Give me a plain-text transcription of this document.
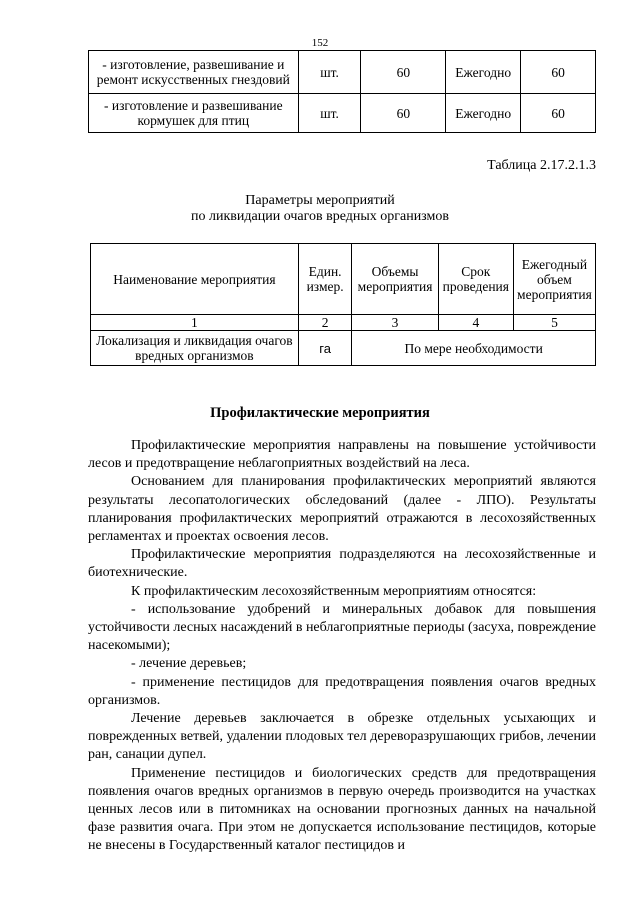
152
- изготовление, развешивание и ремонт искусственных гнездовий	шт.	60	Ежегодно	60
- изготовление и развешивание кормушек для птиц	шт.	60	Ежегодно	60
Таблица 2.17.2.1.3
Параметры мероприятий
по ликвидации очагов вредных организмов
Наименование мероприятия	Един. измер.	Объемы мероприятия	Срок проведения	Ежегодный объем мероприятия
1	2	3	4	5
Локализация и ликвидация очагов вредных организмов	га	По мере необходимости		
Профилактические мероприятия

Профилактические мероприятия направлены на повышение устойчивости лесов и предотвращение неблагоприятных воздействий на леса.

Основанием для планирования профилактических мероприятий являются результаты лесопатологических обследований (далее - ЛПО). Результаты планирования профилактических мероприятий отражаются в лесохозяйственных регламентах и проектах освоения лесов.

Профилактические мероприятия подразделяются на лесохозяйственные и биотехнические.

К профилактическим лесохозяйственным мероприятиям относятся:

- использование удобрений и минеральных добавок для повышения устойчивости лесных насаждений в неблагоприятные периоды (засуха, повреждение насекомыми);

- лечение деревьев;

- применение пестицидов для предотвращения появления очагов вредных организмов.

Лечение деревьев заключается в обрезке отдельных усыхающих и поврежденных ветвей, удалении плодовых тел дереворазрушающих грибов, лечении ран, санации дупел.

Применение пестицидов и биологических средств для предотвращения появления очагов вредных организмов в первую очередь производится на участках ценных лесов или в питомниках на основании прогнозных данных на начальной фазе развития очага. При этом не допускается использование пестицидов, которые не внесены в Государственный каталог пестицидов и
